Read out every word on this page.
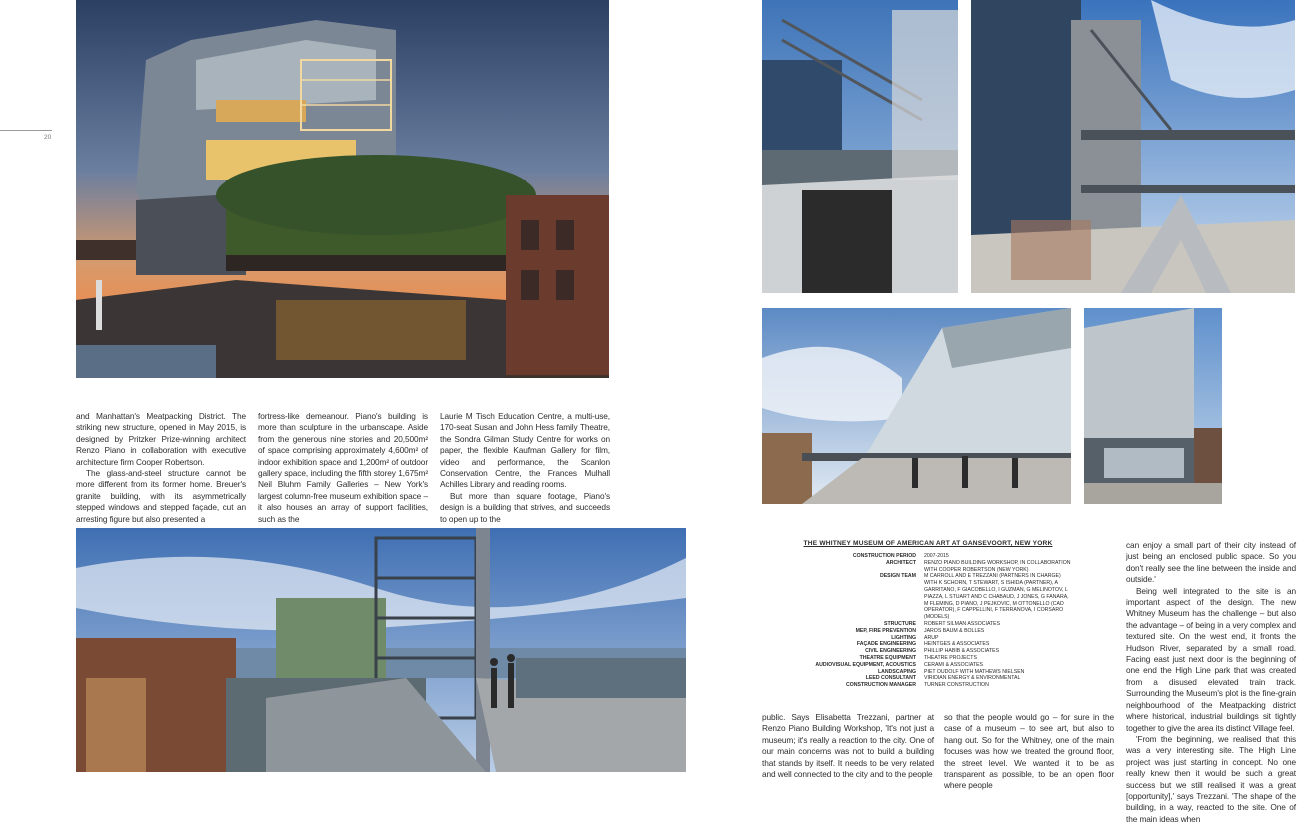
20

and Manhattan's Meatpacking District. The striking new structure, opened in May 2015, is designed by Pritzker Prize-winning architect Renzo Piano in collaboration with executive architecture firm Cooper Robertson.

The glass-and-steel structure cannot be more different from its former home. Breuer's granite building, with its asymmetrically stepped windows and stepped façade, cut an arresting figure but also presented a

fortress-like demeanour. Piano's building is more than sculpture in the urbanscape. Aside from the generous nine stories and 20,500m² of space comprising approximately 4,600m² of indoor exhibition space and 1,200m² of outdoor gallery space, including the fifth storey 1,675m² Neil Bluhm Family Galleries – New York's largest column-free museum exhibition space – it also houses an array of support facilities, such as the

Laurie M Tisch Education Centre, a multi-use, 170-seat Susan and John Hess family Theatre, the Sondra Gilman Study Centre for works on paper, the flexible Kaufman Gallery for film, video and performance, the Scanlon Conservation Centre, the Frances Mulhall Achilles Library and reading rooms.

But more than square footage, Piano's design is a building that strives, and succeeds to open up to the

THE WHITNEY MUSEUM OF AMERICAN ART AT GANSEVOORT, NEW YORK
CONSTRUCTION PERIOD	2007-2015
ARCHITECT	RENZO PIANO BUILDING WORKSHOP, IN COLLABORATION WITH COOPER ROBERTSON (NEW YORK)
DESIGN TEAM	M CARROLL AND E TREZZANI (PARTNERS IN CHARGE) WITH K SCHORN, T STEWART, S ISHIDA (PARTNER), A GARRITANO, F GIACOBELLO, I GUZMAN, G MELINOTOV, L PIAZZA, L STUART AND C CHABAUD, J JONES, G FANARA, M FLEMING, D PIANO, J PEJKOVIC, M OTTONELLO (CAD OPERATOR), F CAPPELLINI, F TERRANOVA, I CORSARO (MODELS)
STRUCTURE	ROBERT SILMAN ASSOCIATES
MEP, FIRE PREVENTION	JAROS BAUM & BOLLES
LIGHTING	ARUP
FAÇADE ENGINEERING	HEINTGES & ASSOCIATES
CIVIL ENGINEERING	PHILLIP HABIB & ASSOCIATES
THEATRE EQUIPMENT	THEATRE PROJECTS
AUDIOVISUAL EQUIPMENT, ACOUSTICS	CERAMI & ASSOCIATES
LANDSCAPING	PIET OUDOLF WITH MATHEWS NIELSEN
LEED CONSULTANT	VIRIDIAN ENERGY & ENVIRONMENTAL
CONSTRUCTION MANAGER	TURNER CONSTRUCTION

public. Says Elisabetta Trezzani, partner at Renzo Piano Building Workshop, 'It's not just a museum; it's really a reaction to the city. One of our main concerns was not to build a building that stands by itself. It needs to be very related and well connected to the city and to the people

so that the people would go – for sure in the case of a museum – to see art, but also to hang out. So for the Whitney, one of the main focuses was how we treated the ground floor, the street level. We wanted it to be as transparent as possible, to be an open floor where people

can enjoy a small part of their city instead of just being an enclosed public space. So you don't really see the line between the inside and outside.'

Being well integrated to the site is an important aspect of the design. The new Whitney Museum has the challenge – but also the advantage – of being in a very complex and textured site. On the west end, it fronts the Hudson River, separated by a small road. Facing east just next door is the beginning of one end the High Line park that was created from a disused elevated train track. Surrounding the Museum's plot is the fine-grain neighbourhood of the Meatpacking district where historical, industrial buildings sit tightly together to give the area its distinct Village feel.

'From the beginning, we realised that this was a very interesting site. The High Line project was just starting in concept. No one really knew then it would be such a great success but we still realised it was a great [opportunity],' says Trezzani. 'The shape of the building, in a way, reacted to the site. One of the main ideas when
